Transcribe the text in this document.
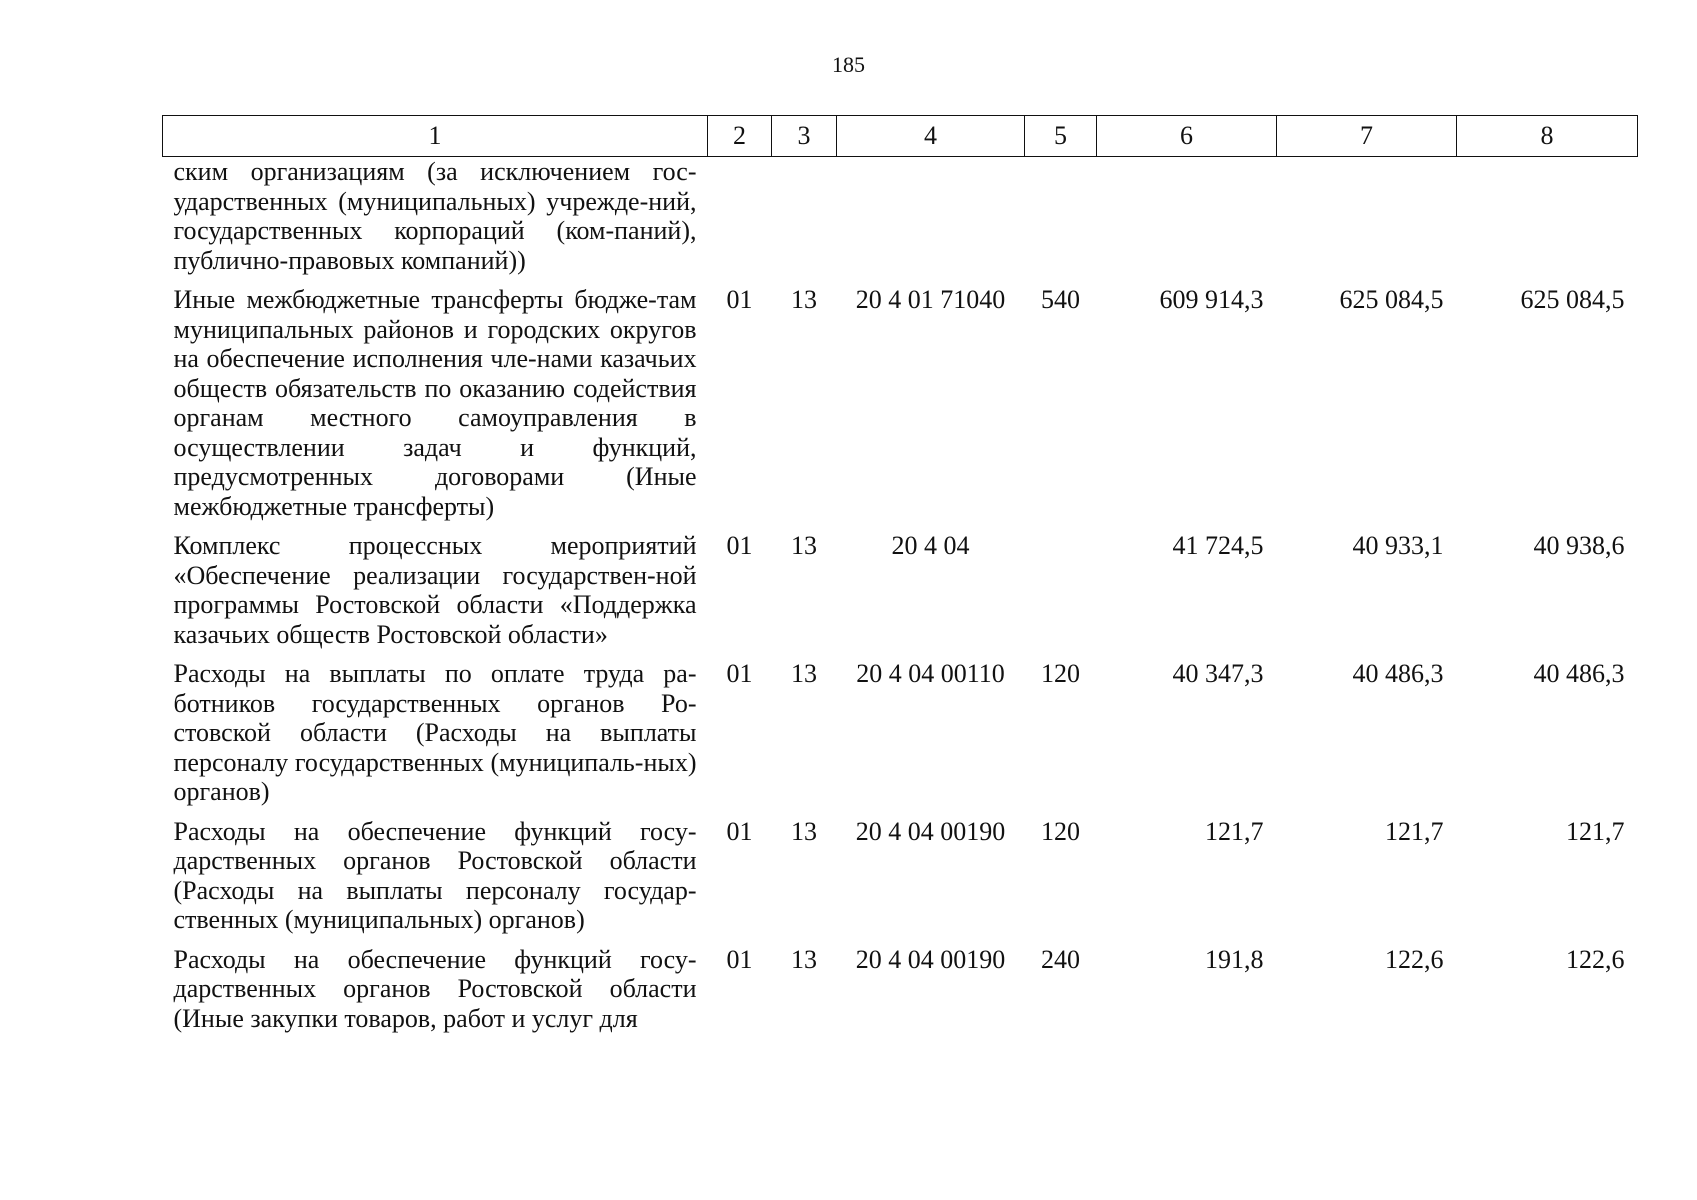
185
1	2	3	4	5	6	7	8
ским организациям (за исключением гос-ударственных (муниципальных) учрежде-ний, государственных корпораций (ком-паний), публично-правовых компаний))							
Иные межбюджетные трансферты бюдже-там муниципальных районов и городских округов на обеспечение исполнения чле-нами казачьих обществ обязательств по оказанию содействия органам местного самоуправления в осуществлении задач и функций, предусмотренных договорами (Иные межбюджетные трансферты)	01	13	20 4 01 71040	540	609 914,3	625 084,5	625 084,5
Комплекс процессных мероприятий «Обеспечение реализации государствен-ной программы Ростовской области «Поддержка казачьих обществ Ростовской области»	01	13	20 4 04		41 724,5	40 933,1	40 938,6
Расходы на выплаты по оплате труда ра-ботников государственных органов Ро-стовской области (Расходы на выплаты персоналу государственных (муниципаль-ных) органов)	01	13	20 4 04 00110	120	40 347,3	40 486,3	40 486,3
Расходы на обеспечение функций госу-дарственных органов Ростовской области (Расходы на выплаты персоналу государ-ственных (муниципальных) органов)	01	13	20 4 04 00190	120	121,7	121,7	121,7
Расходы на обеспечение функций госу-дарственных органов Ростовской области (Иные закупки товаров, работ и услуг для	01	13	20 4 04 00190	240	191,8	122,6	122,6
